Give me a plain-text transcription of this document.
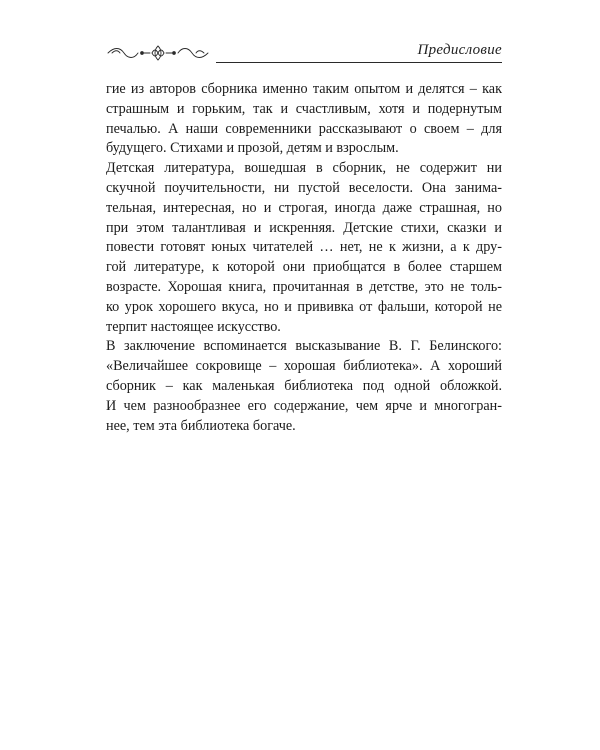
Предисловие
гие из авторов сборника именно таким опытом и делятся – как
страшным и горьким, так и счастливым, хотя и подернутым
печалью. А наши современники рассказывают о своем – для
будущего. Стихами и прозой, детям и взрослым.
Детская литература, вошедшая в сборник, не содержит ни
скучной поучительности, ни пустой веселости. Она занима-
тельная, интересная, но и строгая, иногда даже страшная, но
при этом талантливая и искренняя. Детские стихи, сказки и
повести готовят юных читателей … нет, не к жизни, а к дру-
гой литературе, к которой они приобщатся в более старшем
возрасте. Хорошая книга, прочитанная в детстве, это не толь-
ко урок хорошего вкуса, но и прививка от фальши, которой не
терпит настоящее искусство.
В заключение вспоминается высказывание В. Г. Белинского:
«Величайшее сокровище – хорошая библиотека». А хороший
сборник – как маленькая библиотека под одной обложкой.
И чем разнообразнее его содержание, чем ярче и многогран-
нее, тем эта библиотека богаче.
